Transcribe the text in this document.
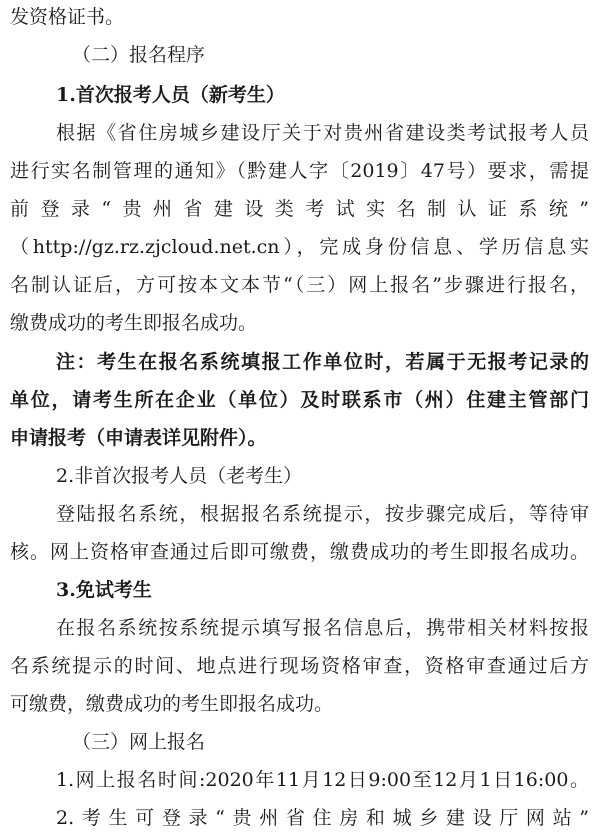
发资格证书。
（二）报名程序
1.首次报考人员（新考生）
根据《省住房城乡建设厅关于对贵州省建设类考试报考人员
进行实名制管理的通知》（黔建人字〔2019〕47号）要求，需提
前登录“贵州省建设类考试实名制认证系统”
（http://gz.rz.zjcloud.net.cn），完成身份信息、学历信息实
名制认证后，方可按本文本节“（三）网上报名”步骤进行报名，
缴费成功的考生即报名成功。
注：考生在报名系统填报工作单位时，若属于无报考记录的
单位，请考生所在企业（单位）及时联系市（州）住建主管部门
申请报考（申请表详见附件）。
2.非首次报考人员（老考生）
登陆报名系统，根据报名系统提示，按步骤完成后，等待审
核。网上资格审查通过后即可缴费，缴费成功的考生即报名成功。
3.免试考生
在报名系统按系统提示填写报名信息后，携带相关材料按报
名系统提示的时间、地点进行现场资格审查，资格审查通过后方
可缴费，缴费成功的考生即报名成功。
（三）网上报名
1.网上报名时间:2020年11月12日9:00至12月1日16:00。
2.考生可登录“贵州省住房和城乡建设厅网站”
